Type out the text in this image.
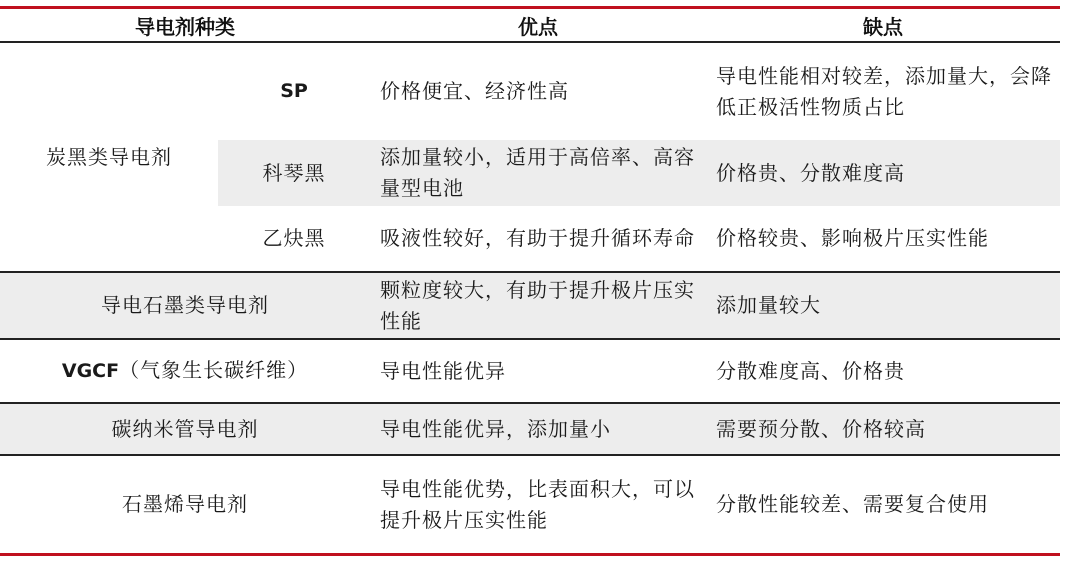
导电剂种类		优点	缺点
炭黑类导电剂	SP	价格便宜、经济性高	导电性能相对较差，添加量大，会降低正极活性物质占比
	科琴黑	添加量较小，适用于高倍率、高容量型电池	价格贵、分散难度高
	乙炔黑	吸液性较好，有助于提升循环寿命	价格较贵、影响极片压实性能
导电石墨类导电剂		颗粒度较大，有助于提升极片压实性能	添加量较大
VGCF（气象生长碳纤维）		导电性能优异	分散难度高、价格贵
碳纳米管导电剂		导电性能优异，添加量小	需要预分散、价格较高
石墨烯导电剂		导电性能优势，比表面积大，可以提升极片压实性能	分散性能较差、需要复合使用
